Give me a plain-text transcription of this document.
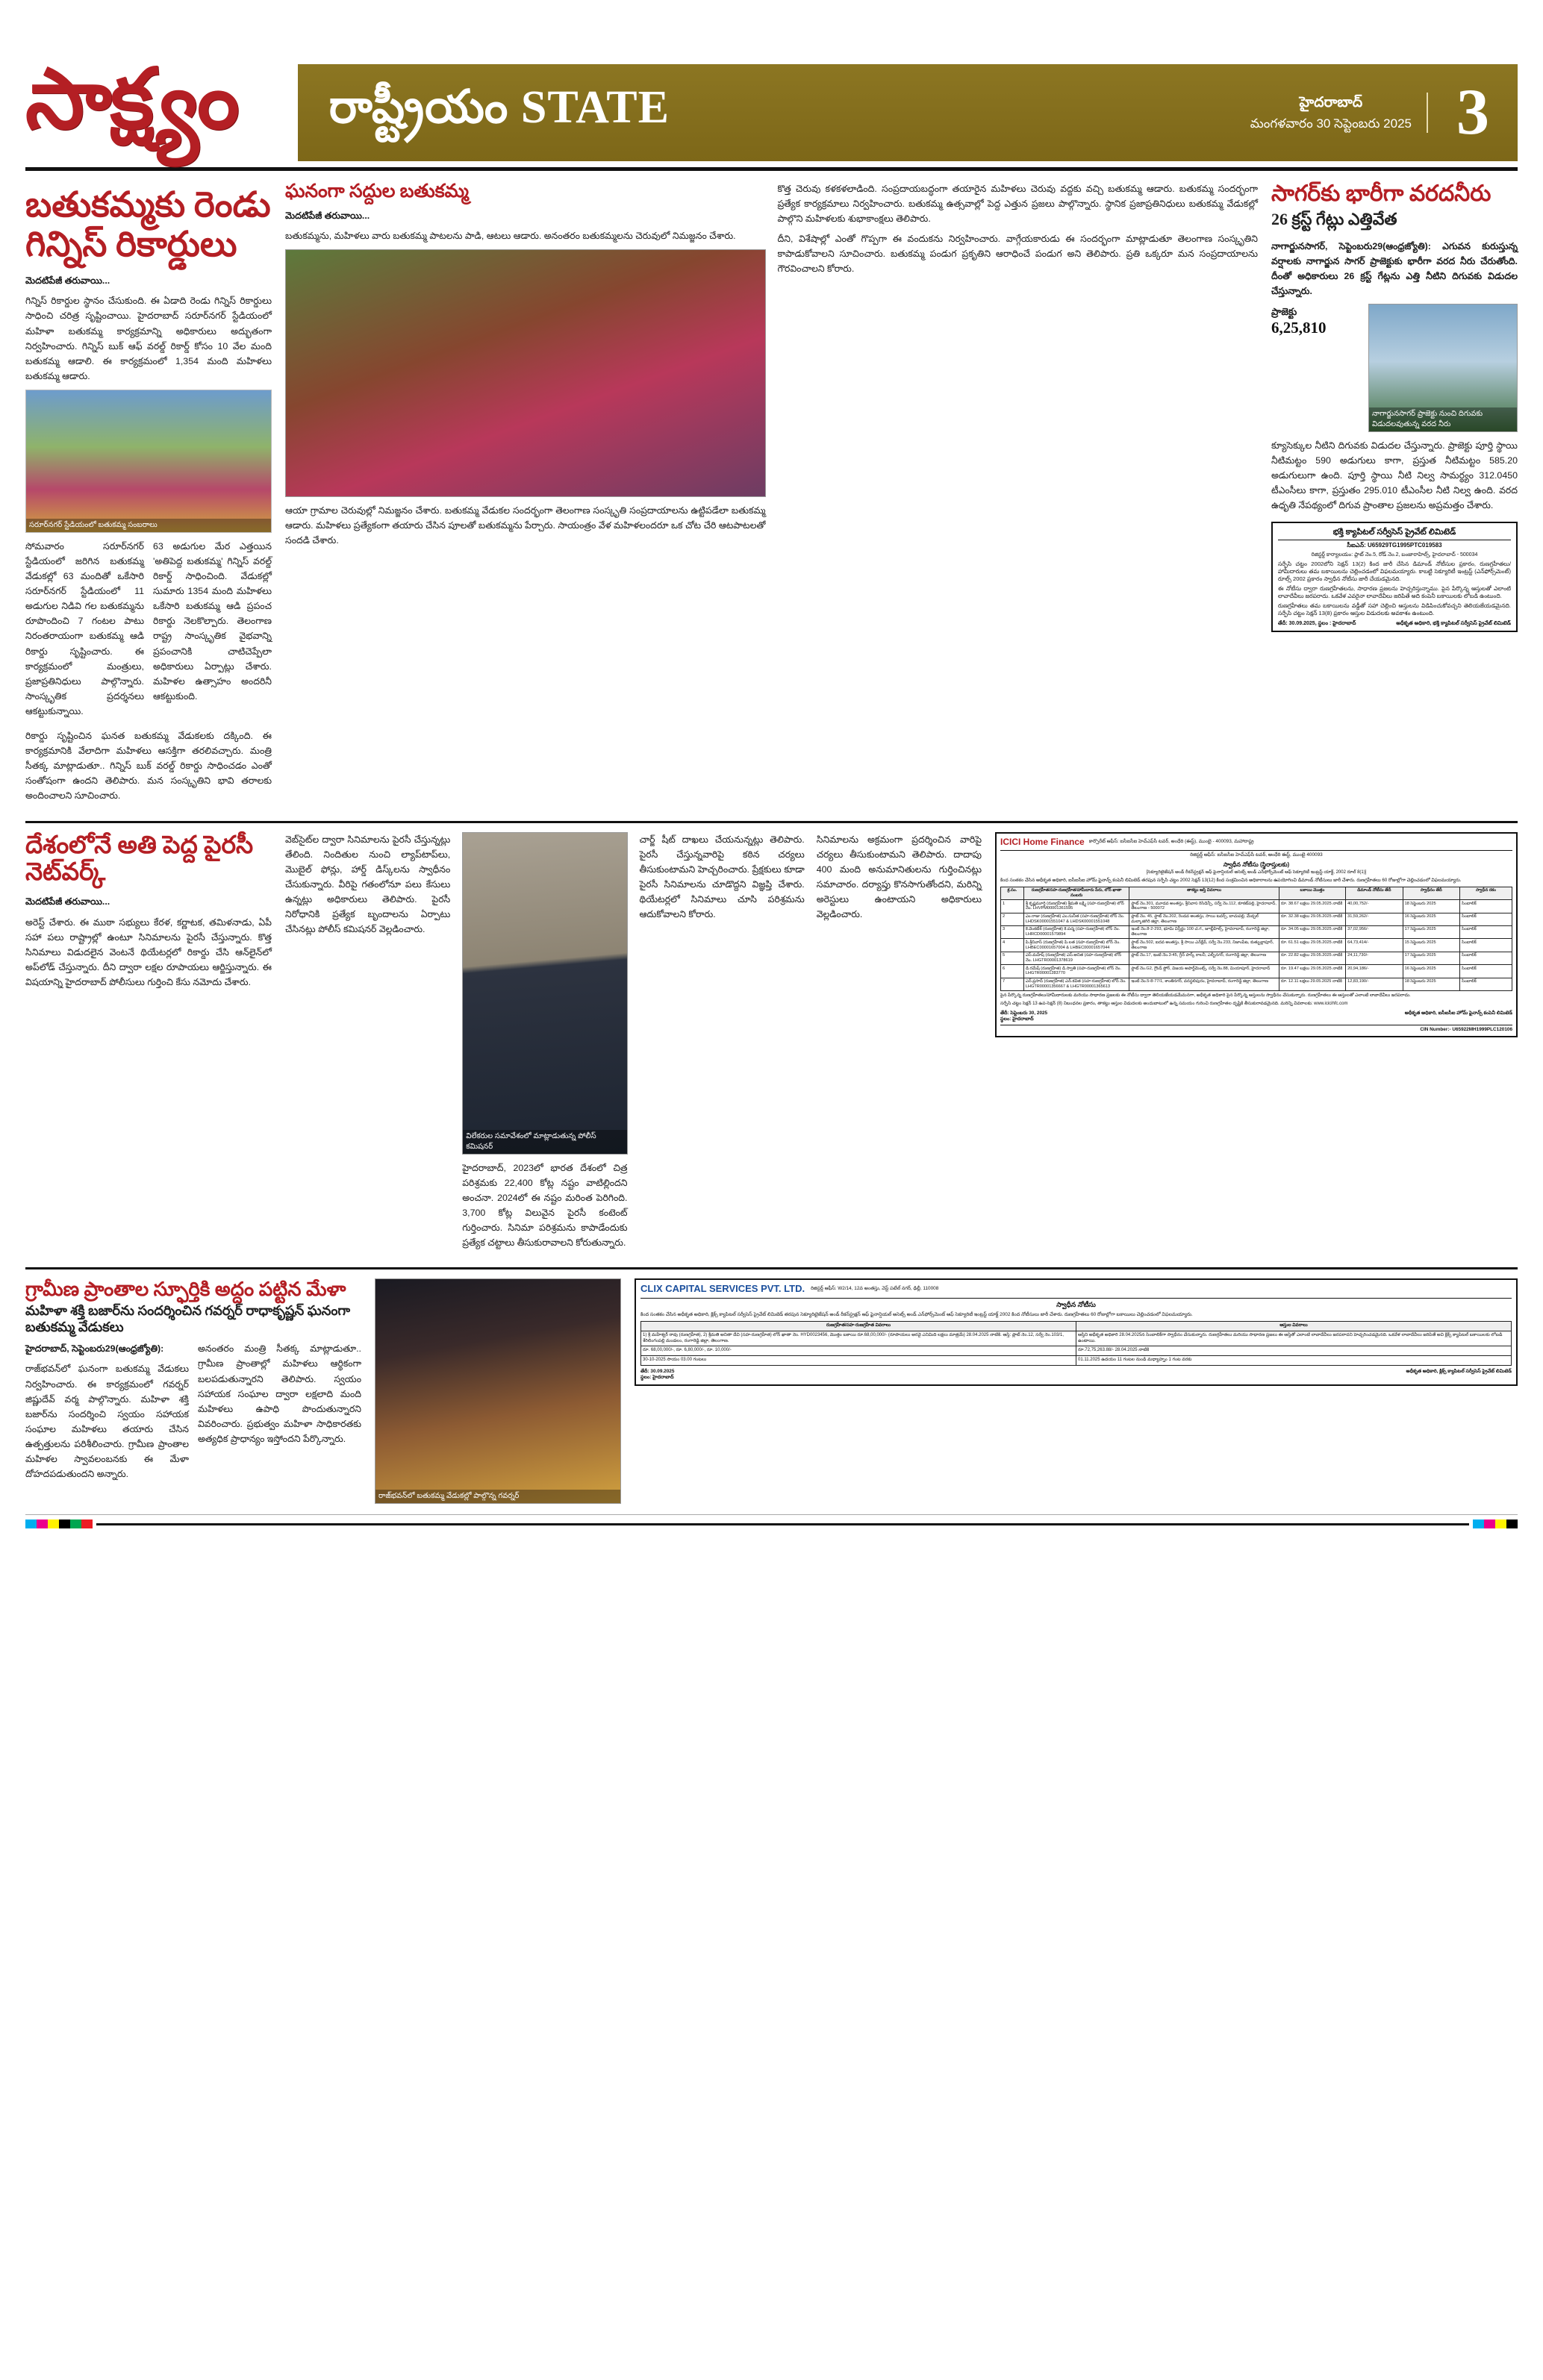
సాక్ష్యం	రాష్ట్రీయం STATE	హైదరాబాద్
మంగళవారం 30 సెప్టెంబరు 2025 3
బతుకమ్మకు రెండు గిన్నిస్ రికార్డులు

మెదటిపేజీ తరువాయి...

గిన్నిస్ రికార్డుల స్థానం చేసుకుంది. ఈ ఏడాది రెండు గిన్నిస్ రికార్డులు సాధించి చరిత్ర సృష్టించాయి. హైదరాబాద్ సరూర్‌నగర్ స్టేడియంలో మహిళా బతుకమ్మ కార్యక్రమాన్ని అధికారులు అద్భుతంగా నిర్వహించారు. గిన్నిస్ బుక్ ఆఫ్ వరల్డ్ రికార్డ్ కోసం 10 వేల మంది బతుకమ్మ ఆడాలి. ఈ కార్యక్రమంలో 1,354 మంది మహిళలు బతుకమ్మ ఆడారు.

సరూర్‌నగర్ స్టేడియంలో బతుకమ్మ సంబరాలు

సోమవారం సరూర్‌నగర్ స్టేడియంలో జరిగిన బతుకమ్మ వేడుకల్లో 63 మందితో ఒకేసారి సరూర్‌నగర్ స్టేడియంలో 11 అడుగుల నిడివి గల బతుకమ్మను రూపొందించి 7 గంటల పాటు నిరంతరాయంగా బతుకమ్మ ఆడి రికార్డు సృష్టించారు. ఈ కార్యక్రమంలో మంత్రులు, ప్రజాప్రతినిధులు పాల్గొన్నారు. సాంస్కృతిక ప్రదర్శనలు ఆకట్టుకున్నాయి.

63 అడుగుల మేర ఎత్తయిన 'అతిపెద్ద బతుకమ్మ' గిన్నిస్ వరల్డ్ రికార్డ్ సాధించింది. వేడుకల్లో సుమారు 1354 మంది మహిళలు ఒకేసారి బతుకమ్మ ఆడి ప్రపంచ రికార్డు నెలకొల్పారు. తెలంగాణ రాష్ట్ర సాంస్కృతిక వైభవాన్ని ప్రపంచానికి చాటిచెప్పేలా అధికారులు ఏర్పాట్లు చేశారు. మహిళల ఉత్సాహం అందరినీ ఆకట్టుకుంది.

రికార్డు సృష్టించిన ఘనత బతుకమ్మ వేడుకలకు దక్కింది. ఈ కార్యక్రమానికి వేలాదిగా మహిళలు ఆసక్తిగా తరలివచ్చారు. మంత్రి సీతక్క మాట్లాడుతూ.. గిన్నిస్ బుక్ వరల్డ్ రికార్డు సాధించడం ఎంతో సంతోషంగా ఉందని తెలిపారు. మన సంస్కృతిని భావి తరాలకు అందించాలని సూచించారు.

ఘనంగా సద్దుల బతుకమ్మ

మెదటిపేజీ తరువాయి...

బతుకమ్మను, మహిళలు వారు బతుకమ్మ పాటలను పాడి, ఆటలు ఆడారు. అనంతరం బతుకమ్మలను చెరువులో నిమజ్జనం చేశారు.

ఆయా గ్రామాల చెరువుల్లో నిమజ్జనం చేశారు. బతుకమ్మ వేడుకల సందర్భంగా తెలంగాణ సంస్కృతి సంప్రదాయాలను ఉట్టిపడేలా బతుకమ్మ ఆడారు. మహిళలు ప్రత్యేకంగా తయారు చేసిన పూలతో బతుకమ్మను పేర్చారు. సాయంత్రం వేళ మహిళలందరూ ఒక చోట చేరి ఆటపాటలతో సందడి చేశారు.

కొత్త చెరువు కళకళలాడింది. సంప్రదాయబద్ధంగా తయారైన మహిళలు చెరువు వద్దకు వచ్చి బతుకమ్మ ఆడారు. బతుకమ్మ సందర్భంగా ప్రత్యేక కార్యక్రమాలు నిర్వహించారు. బతుకమ్మ ఉత్సవాల్లో పెద్ద ఎత్తున ప్రజలు పాల్గొన్నారు. స్థానిక ప్రజాప్రతినిధులు బతుకమ్మ వేడుకల్లో పాల్గొని మహిళలకు శుభాకాంక్షలు తెలిపారు.

దీని, విశేషాల్లో ఎంతో గొప్పగా ఈ వందుకను నిర్వహించారు. వాగ్గేయకారుడు ఈ సందర్భంగా మాట్లాడుతూ తెలంగాణ సంస్కృతిని కాపాడుకోవాలని సూచించారు. బతుకమ్మ పండుగ ప్రకృతిని ఆరాధించే పండుగ అని తెలిపారు. ప్రతి ఒక్కరూ మన సంప్రదాయాలను గౌరవించాలని కోరారు.

సాగర్‌కు భారీగా వరదనీరు
26 క్రస్ట్ గేట్లు ఎత్తివేత

నాగార్జునసాగర్, సెప్టెంబరు29(ఆంధ్రజ్యోతి): ఎగువన కురుస్తున్న వర్షాలకు నాగార్జున సాగర్ ప్రాజెక్టుకు భారీగా వరద నీరు చేరుతోంది. దీంతో అధికారులు 26 క్రస్ట్ గేట్లను ఎత్తి నీటిని దిగువకు విడుదల చేస్తున్నారు.

ప్రాజెక్టు
6,25,810
నాగార్జునసాగర్ ప్రాజెక్టు నుంచి దిగువకు విడుదలవుతున్న వరద నీరు

క్యూసెక్కుల నీటిని దిగువకు విడుదల చేస్తున్నారు. ప్రాజెక్టు పూర్తి స్థాయి నీటిమట్టం 590 అడుగులు కాగా, ప్రస్తుత నీటిమట్టం 585.20 అడుగులుగా ఉంది. పూర్తి స్థాయి నీటి నిల్వ సామర్థ్యం 312.0450 టీఎంసీలు కాగా, ప్రస్తుతం 295.010 టీఎంసీల నీటి నిల్వ ఉంది. వరద ఉధృతి నేపథ్యంలో దిగువ ప్రాంతాల ప్రజలను అప్రమత్తం చేశారు.

భక్తి క్యాపిటల్ సర్వీసెస్ ప్రైవేట్ లిమిటెడ్
సీఐఎన్: U65929TG1995PTC019583
రిజిస్టర్డ్ కార్యాలయం: ప్లాట్ నెం.5, రోడ్ నెం.2, బంజారాహిల్స్, హైదరాబాద్ - 500034

సర్ఫేసి చట్టం 2002లోని సెక్షన్ 13(2) కింద జారీ చేసిన డిమాండ్ నోటీసుల ప్రకారం, రుణగ్రహీతలు/హామీదారులు తమ బకాయిలను చెల్లించడంలో విఫలమయ్యారు. కాబట్టి సెక్యూరిటీ ఇంట్రస్ట్ (ఎన్‌ఫోర్స్‌మెంట్) రూల్స్ 2002 ప్రకారం స్వాధీన నోటీసు జారీ చేయడమైనది.

ఈ నోటీసు ద్వారా రుణగ్రహీతలను, సాధారణ ప్రజలను హెచ్చరిస్తున్నాము. పైన పేర్కొన్న ఆస్తులతో ఎలాంటి లావాదేవీలు జరపరాదు. ఒకవేళ ఎవరైనా లావాదేవీలు జరిపితే అది కంపెనీ బకాయిలకు లోబడి ఉంటుంది.

రుణగ్రహీతలు తమ బకాయిలను వడ్డీతో సహా చెల్లించి ఆస్తులను విడిపించుకోవచ్చని తెలియజేయడమైనది. సర్ఫేసి చట్టం సెక్షన్ 13(8) ప్రకారం ఆస్తుల విడుదలకు అవకాశం ఉంటుంది.

తేదీ: 30.09.2025, స్థలం : హైదరాబాద్	అధీకృత అధికారి, భక్తి క్యాపిటల్ సర్వీసెస్ ప్రైవేట్ లిమిటెడ్
దేశంలోనే అతి పెద్ద పైరసీ నెట్‌వర్క్

మెదటిపేజీ తరువాయి...

అరెస్ట్ చేశారు. ఈ ముఠా సభ్యులు కేరళ, కర్ణాటక, తమిళనాడు, ఏపీ సహా పలు రాష్ట్రాల్లో ఉంటూ సినిమాలను పైరసీ చేస్తున్నారు. కొత్త సినిమాలు విడుదలైన వెంటనే థియేటర్లలో రికార్డు చేసి ఆన్‌లైన్‌లో అప్‌లోడ్ చేస్తున్నారు. దీని ద్వారా లక్షల రూపాయలు ఆర్జిస్తున్నారు. ఈ విషయాన్ని హైదరాబాద్ పోలీసులు గుర్తించి కేసు నమోదు చేశారు.

వెబ్‌సైట్‌ల ద్వారా సినిమాలను పైరసీ చేస్తున్నట్లు తేలింది. నిందితుల నుంచి ల్యాప్‌టాప్‌లు, మొబైల్ ఫోన్లు, హార్డ్ డిస్క్‌లను స్వాధీనం చేసుకున్నారు. వీరిపై గతంలోనూ పలు కేసులు ఉన్నట్లు అధికారులు తెలిపారు. పైరసీ నిరోధానికి ప్రత్యేక బృందాలను ఏర్పాటు చేసినట్లు పోలీస్ కమిషనర్ వెల్లడించారు.

విలేకరుల సమావేశంలో మాట్లాడుతున్న పోలీస్ కమిషనర్

హైదరాబాద్, 2023లో భారత దేశంలో చిత్ర పరిశ్రమకు 22,400 కోట్ల నష్టం వాటిల్లిందని అంచనా. 2024లో ఈ నష్టం మరింత పెరిగింది. 3,700 కోట్ల విలువైన పైరసీ కంటెంట్ గుర్తించారు. సినిమా పరిశ్రమను కాపాడేందుకు ప్రత్యేక చట్టాలు తీసుకురావాలని కోరుతున్నారు.

చార్జ్ షీట్ దాఖలు చేయనున్నట్లు తెలిపారు. పైరసీ చేస్తున్నవారిపై కఠిన చర్యలు తీసుకుంటామని హెచ్చరించారు. ప్రేక్షకులు కూడా పైరసీ సినిమాలను చూడొద్దని విజ్ఞప్తి చేశారు. థియేటర్లలో సినిమాలు చూసి పరిశ్రమను ఆదుకోవాలని కోరారు.

సినిమాలను అక్రమంగా ప్రదర్శించిన వారిపై చర్యలు తీసుకుంటామని తెలిపారు. దాదాపు 400 మంది అనుమానితులను గుర్తించినట్లు సమాచారం. దర్యాప్తు కొనసాగుతోందని, మరిన్ని అరెస్టులు ఉంటాయని అధికారులు వెల్లడించారు.

ICICI Home Finance కార్పొరేట్ ఆఫీస్: ఐసీఐసీఐ హెచ్ఎఫ్‌సీ టవర్, అంధేరి (ఈస్ట్), ముంబై - 400093, మహారాష్ట్ర
రిజిస్టర్డ్ ఆఫీస్: ఐసీఐసీఐ హెచ్ఎఫ్‌సీ టవర్, ఆంధేరి ఈస్ట్, ముంబై 400093
స్వాధీన నోటీసు (స్థిరాస్తులకు)
[సెక్యూరిటైజేషన్ అండ్ రీకన్‌స్ట్రక్షన్ ఆఫ్ ఫైనాన్షియల్ అసెట్స్ అండ్ ఎన్‌ఫోర్స్‌మెంట్ ఆఫ్ సెక్యూరిటీ ఇంట్రస్ట్ యాక్ట్, 2002 రూల్ 8(1)]
కింద సంతకం చేసిన అధీకృత అధికారి, ఐసీఐసీఐ హోమ్ ఫైనాన్స్ కంపెనీ లిమిటెడ్ తరపున సర్ఫేసి చట్టం 2002 సెక్షన్ 13(12) కింద సంక్రమించిన అధికారాలను ఉపయోగించి డిమాండ్ నోటీసులు జారీ చేశారు. రుణగ్రహీతలు 60 రోజుల్లోగా చెల్లించడంలో విఫలమయ్యారు.
క్ర.సం.	రుణగ్రహీత/సహ-రుణగ్రహీత/హామీదారు పేరు, లోన్ ఖాతా నంబరు	తాకట్టు ఆస్తి వివరాలు	బకాయి మొత్తం	డిమాండ్ నోటీసు తేదీ	స్వాధీనం తేదీ	స్వాధీన రకం
1	శ్రీ కృష్ణమూర్తి (రుణగ్రహీత) శ్రీమతి లక్ష్మి (సహ-రుణగ్రహీత) లోన్ నెం. LHVPM00001361595	ఫ్లాట్ నెం.301, మూడవ అంతస్తు, శ్రీనివాస రెసిడెన్సీ, సర్వే నెం.112, కూకట్‌పల్లి, హైదరాబాద్, తెలంగాణ - 500072	రూ. 38.67 లక్షలు 29.05.2025 నాటికి	40,00,752/-	18 సెప్టెంబరు 2025	సింబాలిక్
2	ఎం.రాజు (రుణగ్రహీత) ఎం.సునీత (సహ-రుణగ్రహీత) లోన్ నెం. LHDSK00001551047 & LHDSK00001551048	ప్లాట్ నెం. 45, ఫ్లాట్ నెం.202, రెండవ అంతస్తు, సాయి టవర్స్, బాచుపల్లి, మేడ్చల్ మల్కాజిగిరి జిల్లా, తెలంగాణ	రూ. 32.38 లక్షలు 29.05.2025 నాటికి	31,59,262/-	16 సెప్టెంబరు 2025	సింబాలిక్
3	కె.వెంకటేశ్ (రుణగ్రహీత) కె.పద్మ (సహ-రుణగ్రహీత) లోన్ నెం. LHRCD00001579894	ఇంటి నెం.8-2-293, భూమి విస్తీర్ణం 100 చ.గ., జూబ్లీహిల్స్, హైదరాబాద్, రంగారెడ్డి జిల్లా, తెలంగాణ	రూ. 34.05 లక్షలు 29.05.2025 నాటికి	37,02,956/-	17 సెప్టెంబరు 2025	సింబాలిక్
4	పి.శ్రీనివాస్ (రుణగ్రహీత) పి.లత (సహ-రుణగ్రహీత) లోన్ నెం. LHBEC00001657004 & LHBEC00001657044	ఫ్లాట్ నెం.502, ఐదవ అంతస్తు, శ్రీ సాయి ఎన్‌క్లేవ్, సర్వే నెం.233, నిజాంపేట, కుత్బుల్లాపూర్, తెలంగాణ	రూ. 61.51 లక్షలు 29.05.2025 నాటికి	64,73,414/-	15 సెప్టెంబరు 2025	సింబాలిక్
5	ఎస్.మహేష్ (రుణగ్రహీత) ఎస్.అనిత (సహ-రుణగ్రహీత) లోన్ నెం. LHGTR00001378619	ప్లాట్ నెం.17, ఇంటి నెం.3-45, గ్రీన్ పార్క్ కాలనీ, ఎల్బీనగర్, రంగారెడ్డి జిల్లా, తెలంగాణ	రూ. 22.82 లక్షలు 29.05.2025 నాటికి	24,11,730/-	17 సెప్టెంబరు 2025	సింబాలిక్
6	డి.రమేష్ (రుణగ్రహీత) డి.స్వాతి (సహ-రుణగ్రహీత) లోన్ నెం. LHGTR00001283770	ఫ్లాట్ నెం.G2, గ్రౌండ్ ఫ్లోర్, విజయ అపార్ట్‌మెంట్స్, సర్వే నెం.88, మియాపూర్, హైదరాబాద్	రూ. 19.47 లక్షలు 29.05.2025 నాటికి	20,94,186/-	16 సెప్టెంబరు 2025	సింబాలిక్
7	ఎన్.ప్రసాద్ (రుణగ్రహీత) ఎన్.కవిత (సహ-రుణగ్రహీత) లోన్ నెం. LHGTR00001356667 & LHGTR00001365613	ఇంటి నెం.5-8-77/1, శాంతినగర్, వనస్థలిపురం, హైదరాబాద్, రంగారెడ్డి జిల్లా, తెలంగాణ	రూ. 12.11 లక్షలు 29.05.2025 నాటికి	12,83,190/-	18 సెప్టెంబరు 2025	సింబాలిక్
పైన పేర్కొన్న రుణగ్రహీతలు/హామీదారులకు మరియు సాధారణ ప్రజలకు ఈ నోటీసు ద్వారా తెలియజేయడమేమనగా, అధీకృత అధికారి పైన పేర్కొన్న ఆస్తులను స్వాధీనం చేసుకున్నారు. రుణగ్రహీతలు ఈ ఆస్తులతో ఎలాంటి లావాదేవీలు జరపరాదు.
సర్ఫేసి చట్టం సెక్షన్ 13 ఉప-సెక్షన్ (8) నిబంధనల ప్రకారం, తాకట్టు ఆస్తుల విడుదలకు అందుబాటులో ఉన్న సమయం గురించి రుణగ్రహీతల దృష్టికి తీసుకురావడమైనది. మరిన్ని వివరాలకు: www.icicihfc.com
తేదీ: సెప్టెంబరు 30, 2025
స్థలం: హైదరాబాద్
అధీకృత అధికారి, ఐసీఐసీఐ హోమ్ ఫైనాన్స్ కంపెనీ లిమిటెడ్
CIN Number:- U65922MH1999PLC120106
గ్రామీణ ప్రాంతాల స్ఫూర్తికి అద్దం పట్టిన మేళా
మహిళా శక్తి బజార్‌ను సందర్శించిన గవర్నర్ రాధాకృష్ణన్ ఘనంగా బతుకమ్మ వేడుకలు

హైదరాబాద్, సెప్టెంబరు29(ఆంధ్రజ్యోతి):

రాజ్‌భవన్‌లో ఘనంగా బతుకమ్మ వేడుకలు నిర్వహించారు. ఈ కార్యక్రమంలో గవర్నర్ జిష్ణుదేవ్ వర్మ పాల్గొన్నారు. మహిళా శక్తి బజార్‌ను సందర్శించి స్వయం సహాయక సంఘాల మహిళలు తయారు చేసిన ఉత్పత్తులను పరిశీలించారు. గ్రామీణ ప్రాంతాల మహిళల స్వావలంబనకు ఈ మేళా దోహదపడుతుందని అన్నారు.

అనంతరం మంత్రి సీతక్క మాట్లాడుతూ.. గ్రామీణ ప్రాంతాల్లో మహిళలు ఆర్థికంగా బలపడుతున్నారని తెలిపారు. స్వయం సహాయక సంఘాల ద్వారా లక్షలాది మంది మహిళలు ఉపాధి పొందుతున్నారని వివరించారు. ప్రభుత్వం మహిళా సాధికారతకు అత్యధిక ప్రాధాన్యం ఇస్తోందని పేర్కొన్నారు.

రాజ్‌భవన్‌లో బతుకమ్మ వేడుకల్లో పాల్గొన్న గవర్నర్
CLIX CAPITAL SERVICES PVT. LTD. రిజిస్టర్డ్ ఆఫీస్: W2/14, 12వ అంతస్తు, వెస్ట్ పటేల్ నగర్, ఢిల్లీ, 110008
స్వాధీన నోటీసు
కింద సంతకం చేసిన అధీకృత అధికారి, క్లిక్స్ క్యాపిటల్ సర్వీసెస్ ప్రైవేట్ లిమిటెడ్ తరపున సెక్యూరిటైజేషన్ అండ్ రీకన్‌స్ట్రక్షన్ ఆఫ్ ఫైనాన్షియల్ అసెట్స్ అండ్ ఎన్‌ఫోర్స్‌మెంట్ ఆఫ్ సెక్యూరిటీ ఇంట్రస్ట్ యాక్ట్ 2002 కింద నోటీసులు జారీ చేశారు. రుణగ్రహీతలు 60 రోజుల్లోగా బకాయిలు చెల్లించడంలో విఫలమయ్యారు.
రుణగ్రహీత/సహ-రుణగ్రహీత వివరాలు	ఆస్తుల వివరాలు
1) శ్రీ మహేశ్వర్ రావు (రుణగ్రహీత), 2) శ్రీమతి అనితా దేవి (సహ-రుణగ్రహీత) లోన్ ఖాతా నెం. HYD0023456, మొత్తం బకాయి రూ.68,00,000/- (రూపాయలు అరవై ఎనిమిది లక్షలు మాత్రమే) 28.04.2025 నాటికి. ఆస్తి: ప్లాట్ నెం.12, సర్వే నెం.103/1, శేరిలింగంపల్లి మండలం, రంగారెడ్డి జిల్లా, తెలంగాణ.	ఆస్తిని అధీకృత అధికారి 28.04.2025న సింబాలిక్‌గా స్వాధీనం చేసుకున్నారు. రుణగ్రహీతలు మరియు సాధారణ ప్రజలు ఈ ఆస్తితో ఎలాంటి లావాదేవీలు జరపరాదని హెచ్చరించడమైనది. ఒకవేళ లావాదేవీలు జరిపితే అవి క్లిక్స్ క్యాపిటల్ బకాయిలకు లోబడి ఉంటాయి.
రూ. 68,00,000/-, రూ. 6,80,000/-, రూ. 10,000/-	రూ.72,75,263.88/- 28.04.2025 నాటికి
30-10-2025 సాయం 03.00 గంటలు	01.11.2025 ఉదయం 11 గంటల నుండి మధ్యాహ్నం 1 గంట వరకు
తేదీ: 30.09.2025
స్థలం: హైదరాబాద్
అధీకృత అధికారి, క్లిక్స్ క్యాపిటల్ సర్వీసెస్ ప్రైవేట్ లిమిటెడ్
